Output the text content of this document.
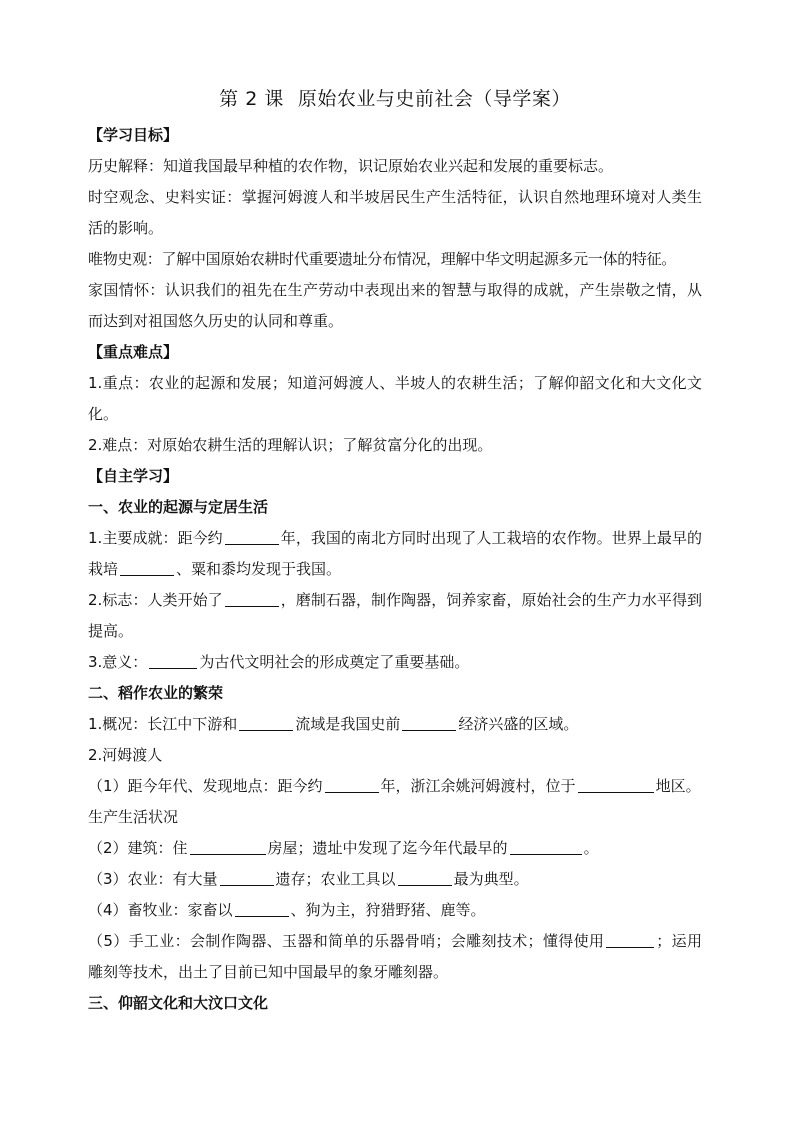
第 2 课 原始农业与史前社会（导学案）

【学习目标】

历史解释：知道我国最早种植的农作物，识记原始农业兴起和发展的重要标志。

时空观念、史料实证：掌握河姆渡人和半坡居民生产生活特征，认识自然地理环境对人类生活的影响。

唯物史观：了解中国原始农耕时代重要遗址分布情况，理解中华文明起源多元一体的特征。

家国情怀：认识我们的祖先在生产劳动中表现出来的智慧与取得的成就，产生崇敬之情，从而达到对祖国悠久历史的认同和尊重。

【重点难点】

1.重点：农业的起源和发展；知道河姆渡人、半坡人的农耕生活；了解仰韶文化和大文化文化。

2.难点：对原始农耕生活的理解认识；了解贫富分化的出现。

【自主学习】

一、农业的起源与定居生活

1.主要成就：距今约	年，我国的南北方同时出现了人工栽培的农作物。世界上最早的栽培	、粟和黍均发现于我国。

2.标志：人类开始了	，磨制石器，制作陶器，饲养家畜，原始社会的生产力水平得到提高。

3.意义：	为古代文明社会的形成奠定了重要基础。

二、稻作农业的繁荣

1.概况：长江中下游和	流域是我国史前	经济兴盛的区域。

2.河姆渡人

（1）距今年代、发现地点：距今约	年，浙江余姚河姆渡村，位于	地区。

生产生活状况

（2）建筑：住	房屋；遗址中发现了迄今年代最早的	。

（3）农业：有大量	遗存；农业工具以	最为典型。

（4）畜牧业：家畜以	、狗为主，狩猎野猪、鹿等。

（5）手工业：会制作陶器、玉器和简单的乐器骨哨；会雕刻技术；懂得使用	；运用雕刻等技术，出土了目前已知中国最早的象牙雕刻器。

三、仰韶文化和大汶口文化
